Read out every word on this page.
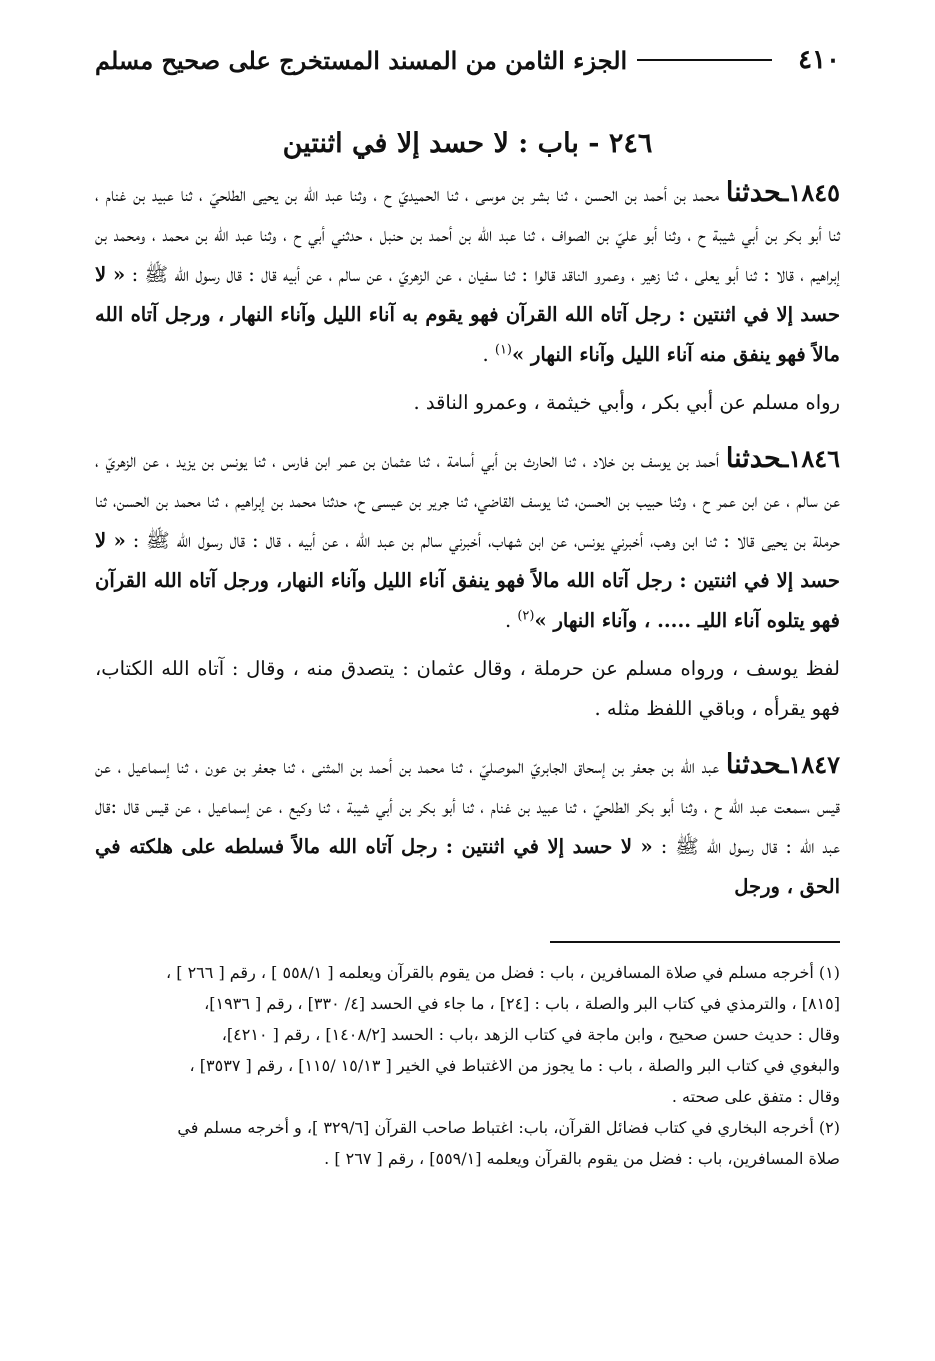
٤١٠
الجزء الثامن من المسند المستخرج على صحيح مسلم
٢٤٦ - باب : لا حسد إلا في اثنتين

١٨٤٥ـحدثنا محمد بن أحمد بن الحسن ، ثنا بشر بن موسى ، ثنا الحميديّ ح ، وثنا عبد الله بن يحيى الطلحيّ ، ثنا عبيد بن غنام ، ثنا أبو بكر بن أبي شيبة ح ، وثنا أبو عليّ بن الصواف ، ثنا عبد الله بن أحمد بن حنبل ، حدثني أبي ح ، وثنا عبد الله بن محمد ، ومحمد بن إبراهيم ، قالا : ثنا أبو يعلى ، ثنا زهير ، وعمرو الناقد قالوا : ثنا سفيان ، عن الزهريّ ، عن سالم ، عن أبيه قال : قال رسول الله ﷺ : « لا حسد إلا في اثنتين : رجل آتاه الله القرآن فهو يقوم به آناء الليل وآناء النهار ، ورجل آتاه الله مالاً فهو ينفق منه آناء الليل وآناء النهار »$^{(١)}$ .

رواه مسلم عن أبي بكر ، وأبي خيثمة ، وعمرو الناقد .

١٨٤٦ـحدثنا أحمد بن يوسف بن خلاد ، ثنا الحارث بن أبي أسامة ، ثنا عثمان بن عمر ابن فارس ، ثنا يونس بن يزيد ، عن الزهريّ ، عن سالم ، عن ابن عمر ح ، وثنا حبيب بن الحسن، ثنا يوسف القاضي، ثنا جرير بن عيسى ح، حدثنا محمد بن إبراهيم ، ثنا محمد بن الحسن، ثنا حرملة بن يحيى قالا : ثنا ابن وهب، أخبرني يونس، عن ابن شهاب، أخبرني سالم بن عبد الله ، عن أبيه ، قال : قال رسول الله ﷺ : « لا حسد إلا في اثنتين : رجل آتاه الله مالاً فهو ينفق آناء الليل وآناء النهار، ورجل آتاه الله القرآن فهو يتلوه آناء الليـ ..... ، وآناء النهار »$^{(٢)}$ .

لفظ يوسف ، ورواه مسلم عن حرملة ، وقال عثمان : يتصدق منه ، وقال : آتاه الله الكتاب، فهو يقرأه ، وباقي اللفظ مثله .

١٨٤٧ـحدثنا عبد الله بن جعفر بن إسحاق الجابريّ الموصليّ ، ثنا محمد بن أحمد بن المثنى ، ثنا جعفر بن عون ، ثنا إسماعيل ، عن قيس ،سمعت عبد الله ح ، وثنا أبو بكر الطلحيّ ، ثنا عبيد بن غنام ، ثنا أبو بكر بن أبي شيبة ، ثنا وكيع ، عن إسماعيل ، عن قيس قال :قال عبد الله : قال رسول الله ﷺ : « لا حسد إلا في اثنتين : رجل آتاه الله مالاً فسلطه على هلكته في الحق ، ورجل

(١) أخرجه مسلم في صلاة المسافرين ، باب : فضل من يقوم بالقرآن ويعلمه [ ٥٥٨/١ ] ، رقم [ ٢٦٦ ] ،
[٨١٥] ، والترمذي في كتاب البر والصلة ، باب : [٢٤] ، ما جاء في الحسد [٤/ ٣٣٠] ، رقم [ ١٩٣٦]،
وقال : حديث حسن صحيح ، وابن ماجة في كتاب الزهد ،باب : الحسد [١٤٠٨/٢] ، رقم [ ٤٢١٠]،
والبغوي في كتاب البر والصلة ، باب : ما يجوز من الاغتباط في الخير [ ١٥/١٣ /١١٥] ، رقم [ ٣٥٣٧] ،
وقال : متفق على صحته .
(٢) أخرجه البخاري في كتاب فضائل القرآن، باب: اغتباط صاحب القرآن [٣٢٩/٦ ]، و أخرجه مسلم في
صلاة المسافرين، باب : فضل من يقوم بالقرآن ويعلمه [٥٥٩/١] ، رقم [ ٢٦٧ ] .
